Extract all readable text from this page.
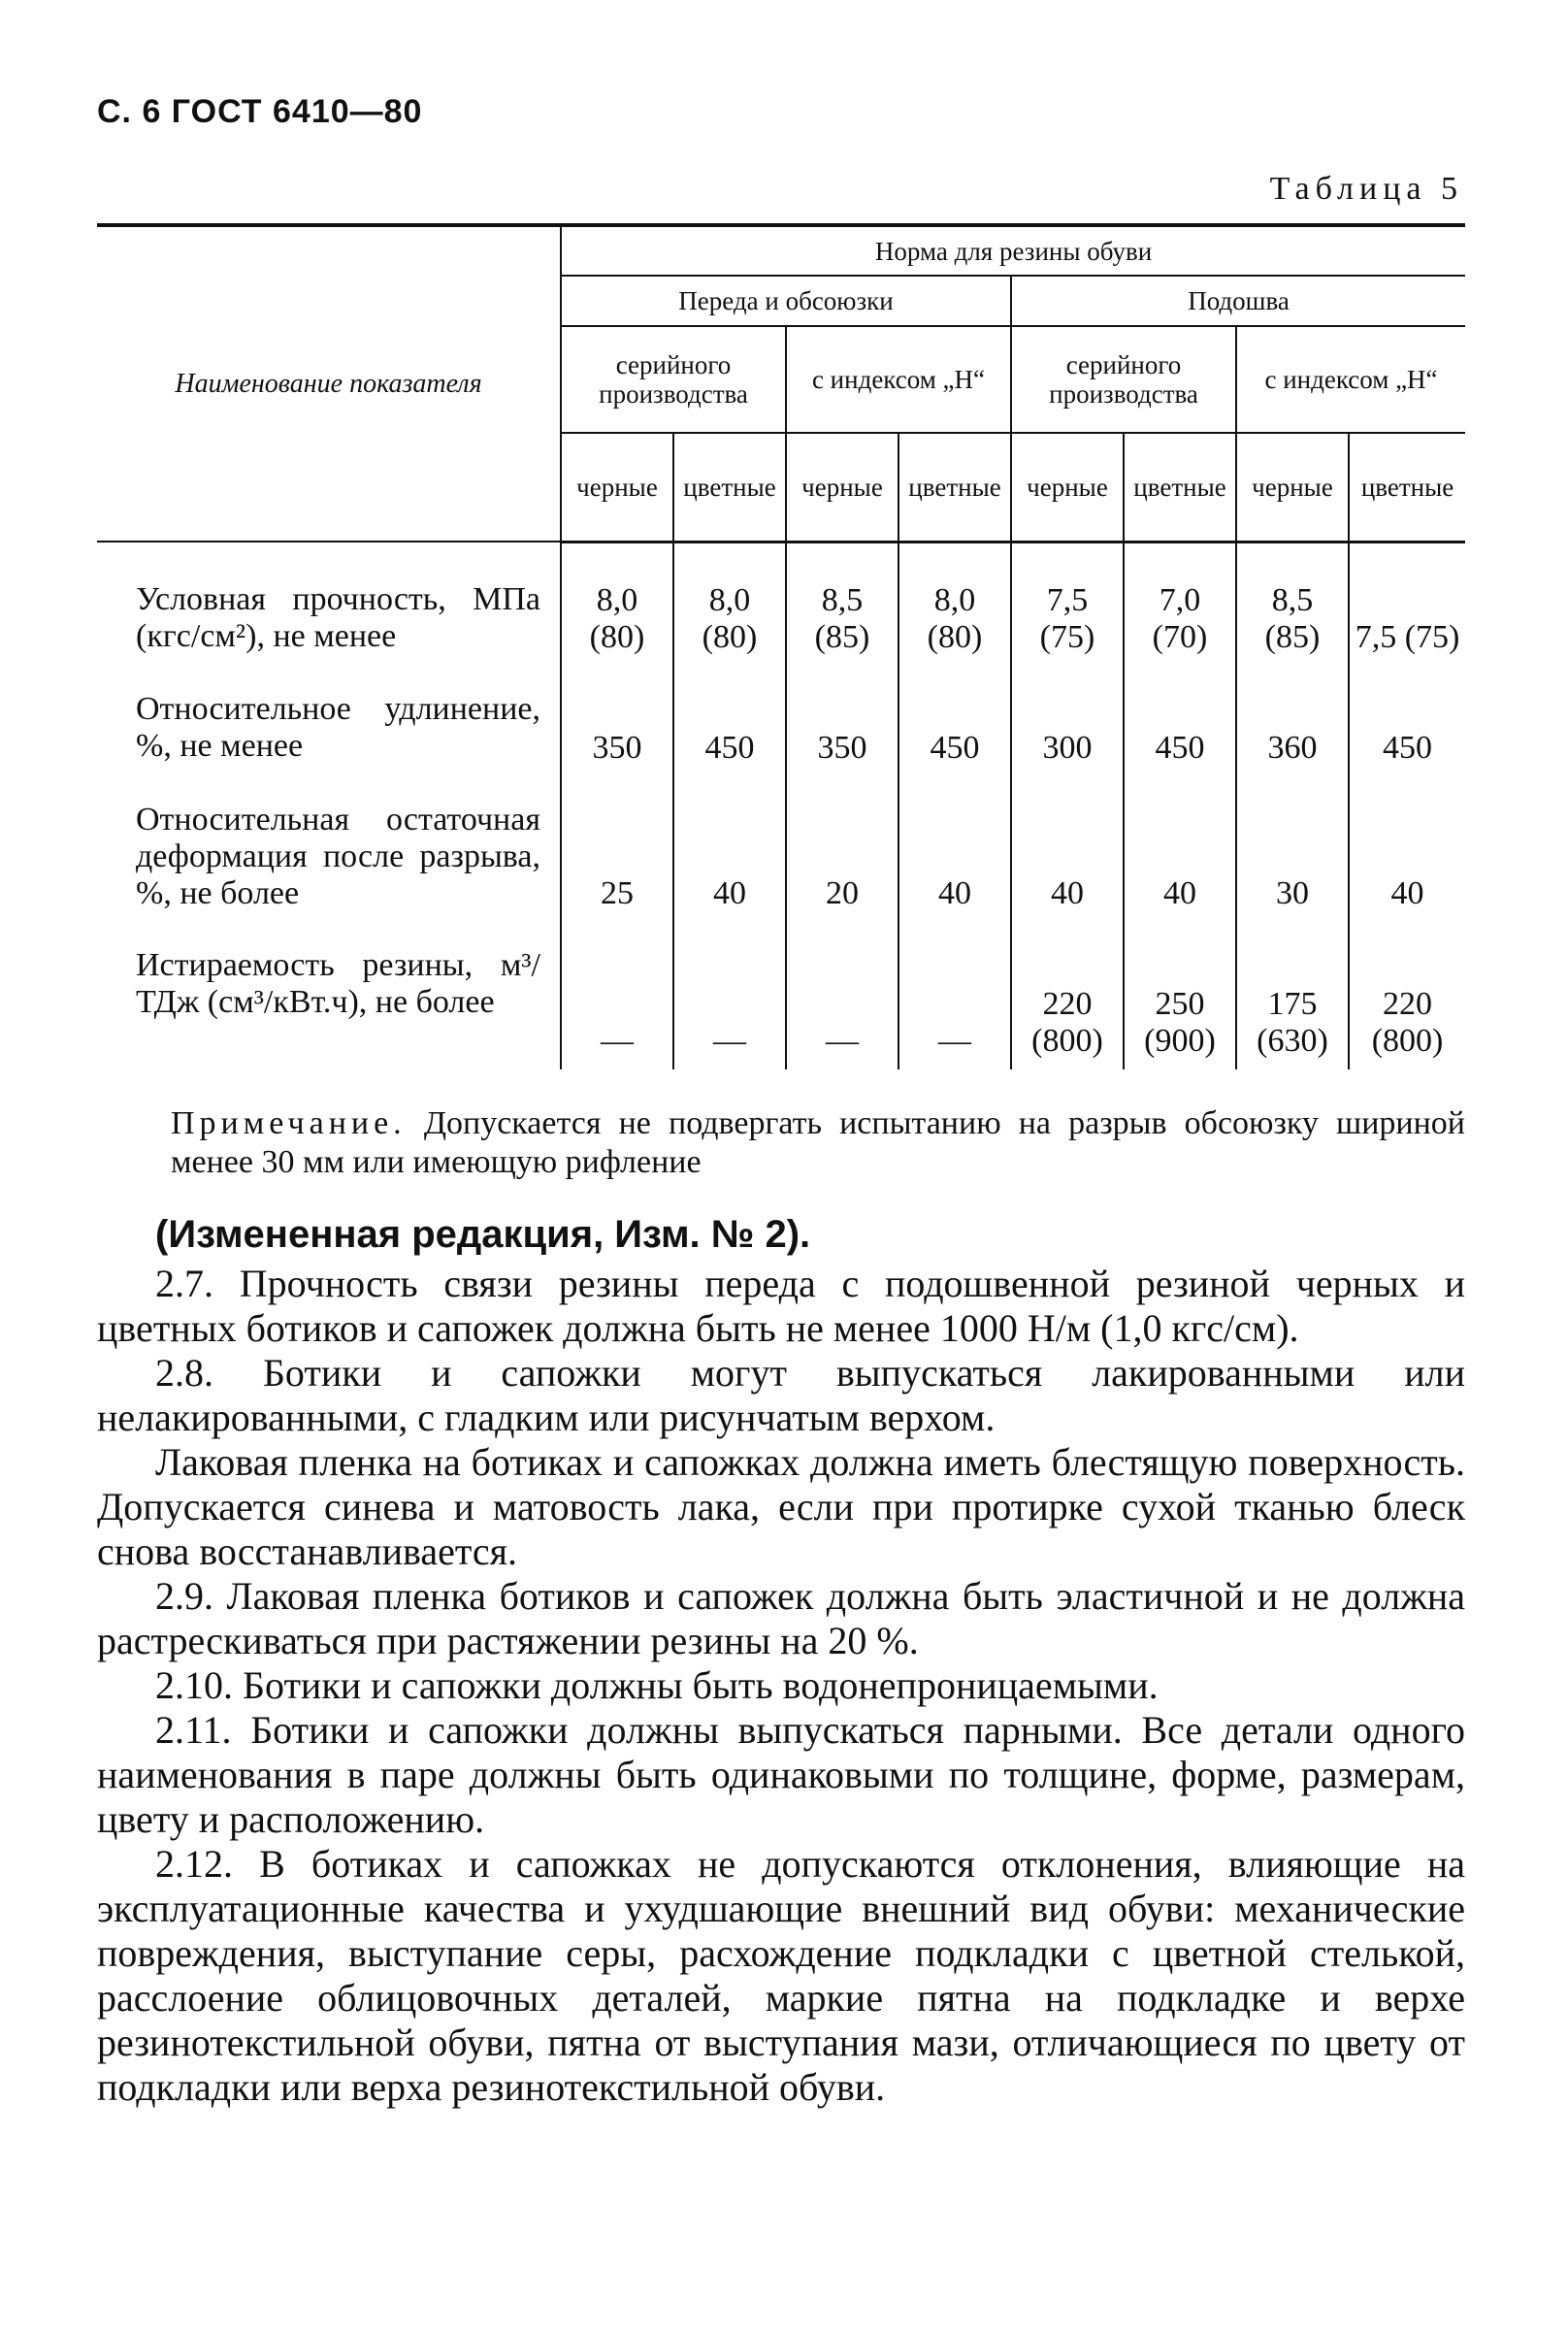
С. 6 ГОСТ 6410—80
Таблица 5
Наименование показателя	Норма для резины обуви							
	Переда и обсоюзки				Подошва			
	серийного производства		с индексом „Н“		серийного производства		с индексом „Н“	
	черные	цветные	черные	цветные	черные	цветные	черные	цветные

Условная прочность, МПа (кгс/см²), не менее	8,0 (80)	8,0 (80)	8,5 (85)	8,0 (80)	7,5 (75)	7,0 (70)	8,5 (85)	7,5 (75)

Относительное удлинение, %, не менее	350	450	350	450	300	450	360	450

Относительная остаточная деформация после разрыва, %, не более	25	40	20	40	40	40	30	40

Истираемость резины, м³/ТДж (см³/кВт.ч), не более	—	—	—	—	220 (800)	250 (900)	175 (630)	220 (800)
Примечание. Допускается не подвергать испытанию на разрыв обсоюзку шириной менее 30 мм или имеющую рифление

(Измененная редакция, Изм. № 2).

2.7. Прочность связи резины переда с подошвенной резиной черных и цветных ботиков и сапожек должна быть не менее 1000 Н/м (1,0 кгс/см).

2.8. Ботики и сапожки могут выпускаться лакированными или нелакированными, с гладким или рисунчатым верхом.

Лаковая пленка на ботиках и сапожках должна иметь блестящую поверхность. Допускается синева и матовость лака, если при протирке сухой тканью блеск снова восстанавливается.

2.9. Лаковая пленка ботиков и сапожек должна быть эластичной и не должна растрескиваться при растяжении резины на 20 %.

2.10. Ботики и сапожки должны быть водонепроницаемыми.

2.11. Ботики и сапожки должны выпускаться парными. Все детали одного наименования в паре должны быть одинаковыми по толщине, форме, размерам, цвету и расположению.

2.12. В ботиках и сапожках не допускаются отклонения, влияющие на эксплуатационные качества и ухудшающие внешний вид обуви: механические повреждения, выступание серы, расхождение подкладки с цветной стелькой, расслоение облицовочных деталей, маркие пятна на подкладке и верхе резинотекстильной обуви, пятна от выступания мази, отличающиеся по цвету от подкладки или верха резинотекстильной обуви.
